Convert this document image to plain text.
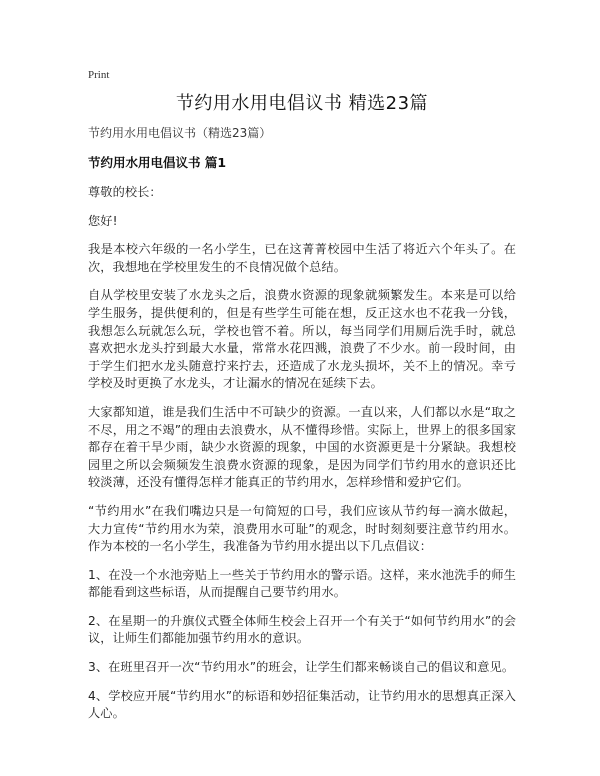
Print
节约用水用电倡议书 精选23篇
节约用水用电倡议书（精选23篇）
节约用水用电倡议书 篇1

尊敬的校长：

您好!

我是本校六年级的一名小学生，已在这菁菁校园中生活了将近六个年头了。在次，我想地在学校里发生的不良情况做个总结。

自从学校里安装了水龙头之后，浪费水资源的现象就频繁发生。本来是可以给学生服务，提供便利的，但是有些学生可能在想，反正这水也不花我一分钱，我想怎么玩就怎么玩，学校也管不着。所以，每当同学们用厕后洗手时，就总喜欢把水龙头拧到最大水量，常常水花四溅，浪费了不少水。前一段时间，由于学生们把水龙头随意拧来拧去，还造成了水龙头损坏，关不上的情况。幸亏学校及时更换了水龙头，才让漏水的情况在延续下去。

大家都知道，谁是我们生活中不可缺少的资源。一直以来，人们都以水是“取之不尽，用之不竭”的理由去浪费水，从不懂得珍惜。实际上，世界上的很多国家都存在着干旱少雨，缺少水资源的现象，中国的水资源更是十分紧缺。我想校园里之所以会频频发生浪费水资源的现象，是因为同学们节约用水的意识还比较淡薄，还没有懂得怎样才能真正的节约用水，怎样珍惜和爱护它们。

“节约用水”在我们嘴边只是一句简短的口号，我们应该从节约每一滴水做起，大力宣传“节约用水为荣，浪费用水可耻”的观念，时时刻刻要注意节约用水。作为本校的一名小学生，我准备为节约用水提出以下几点倡议：

1、在没一个水池旁贴上一些关于节约用水的警示语。这样，来水池洗手的师生都能看到这些标语，从而提醒自己要节约用水。

2、在星期一的升旗仪式暨全体师生校会上召开一个有关于“如何节约用水”的会议，让师生们都能加强节约用水的意识。

3、在班里召开一次“节约用水”的班会，让学生们都来畅谈自己的倡议和意见。

4、学校应开展“节约用水”的标语和妙招征集活动，让节约用水的思想真正深入人心。
